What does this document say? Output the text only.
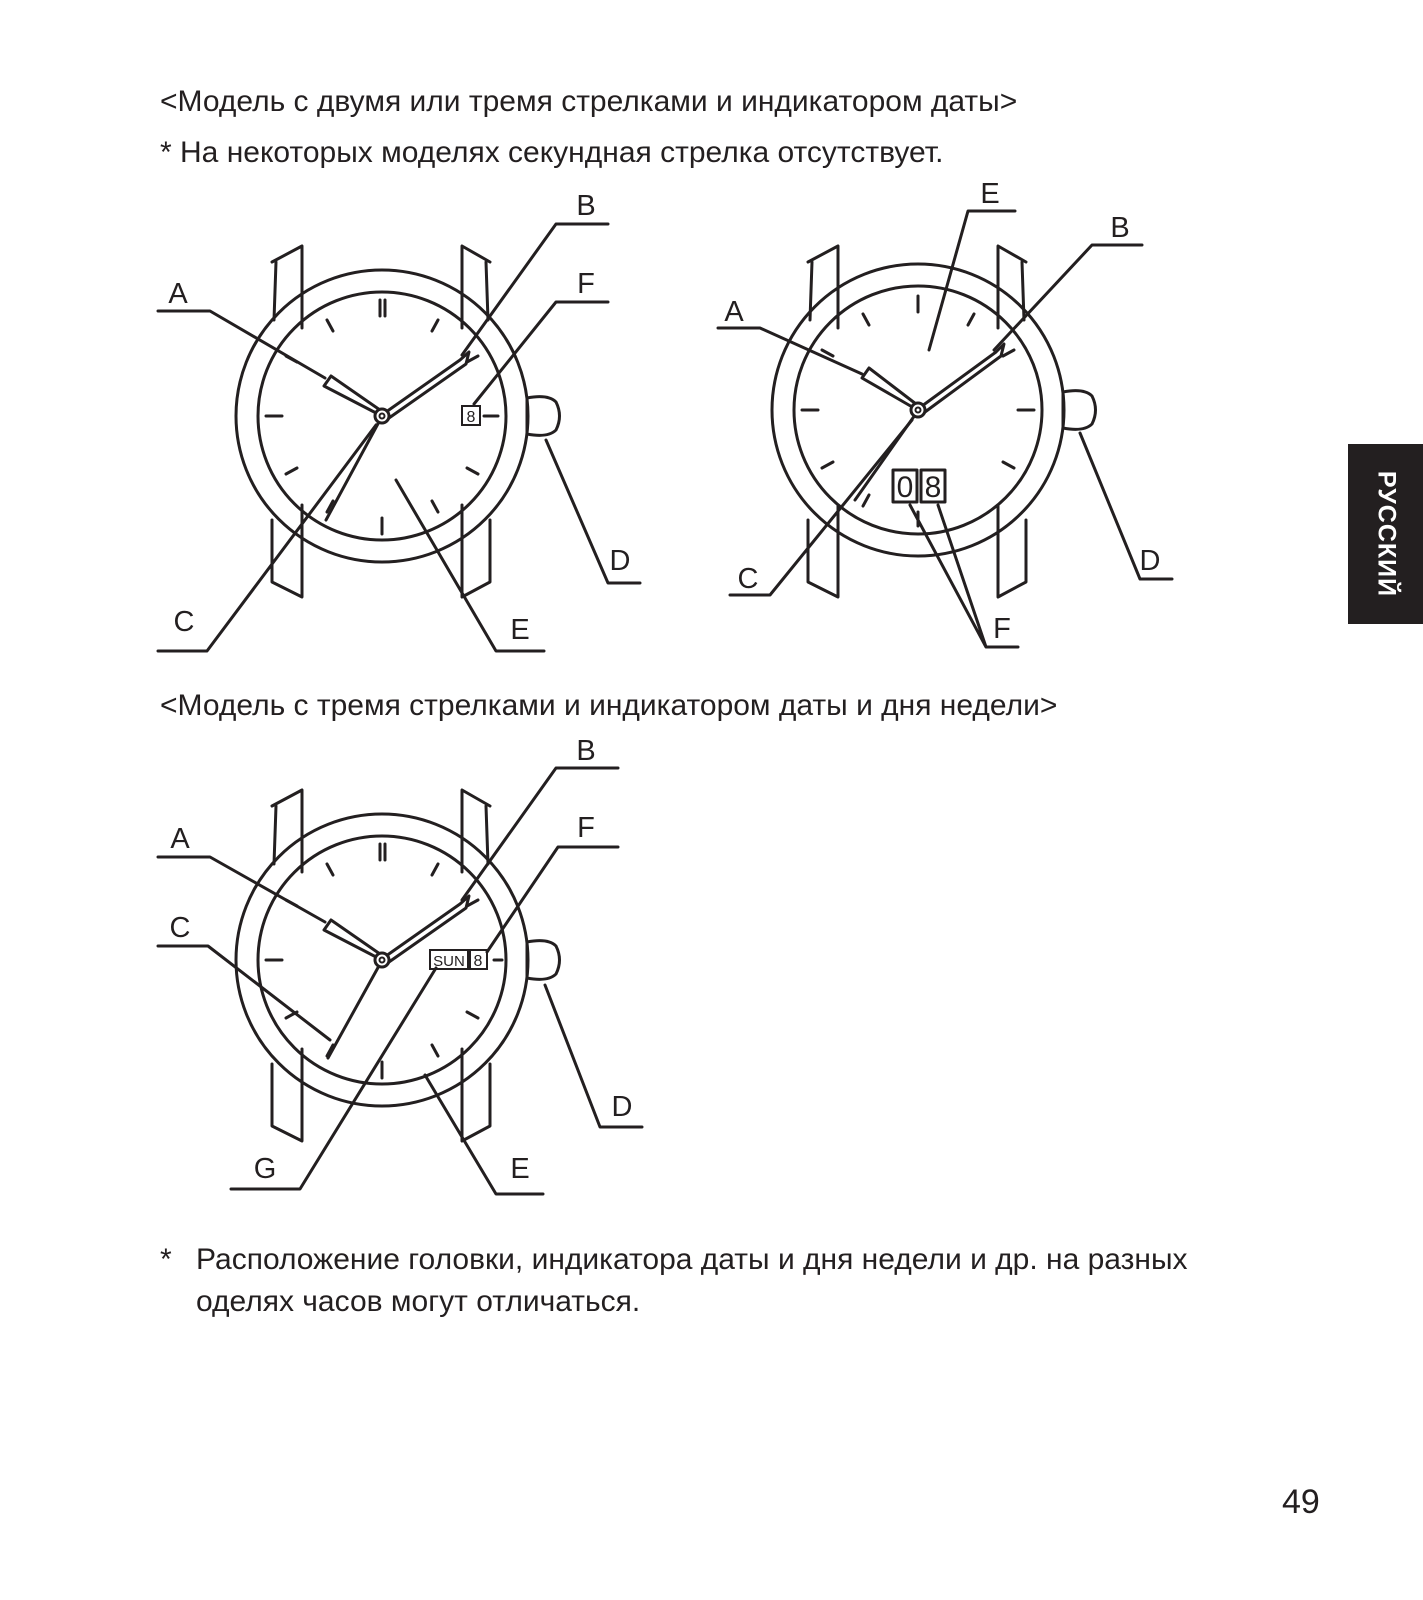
<Модель с двумя или тремя стрелками и индикатором даты>
* На некоторых моделях секундная стрелка отсутствует.
<Модель с тремя стрелками и индикатором даты и дня недели>
* Расположение головки, индикатора даты и дня недели и др. на разных
оделях часов могут отличаться.
49
РУССКИЙ
8
A
B
F
C
D
E
0 8
A
E
B
C
D
F
SUN 8
A
B
F
C
D
E
G
